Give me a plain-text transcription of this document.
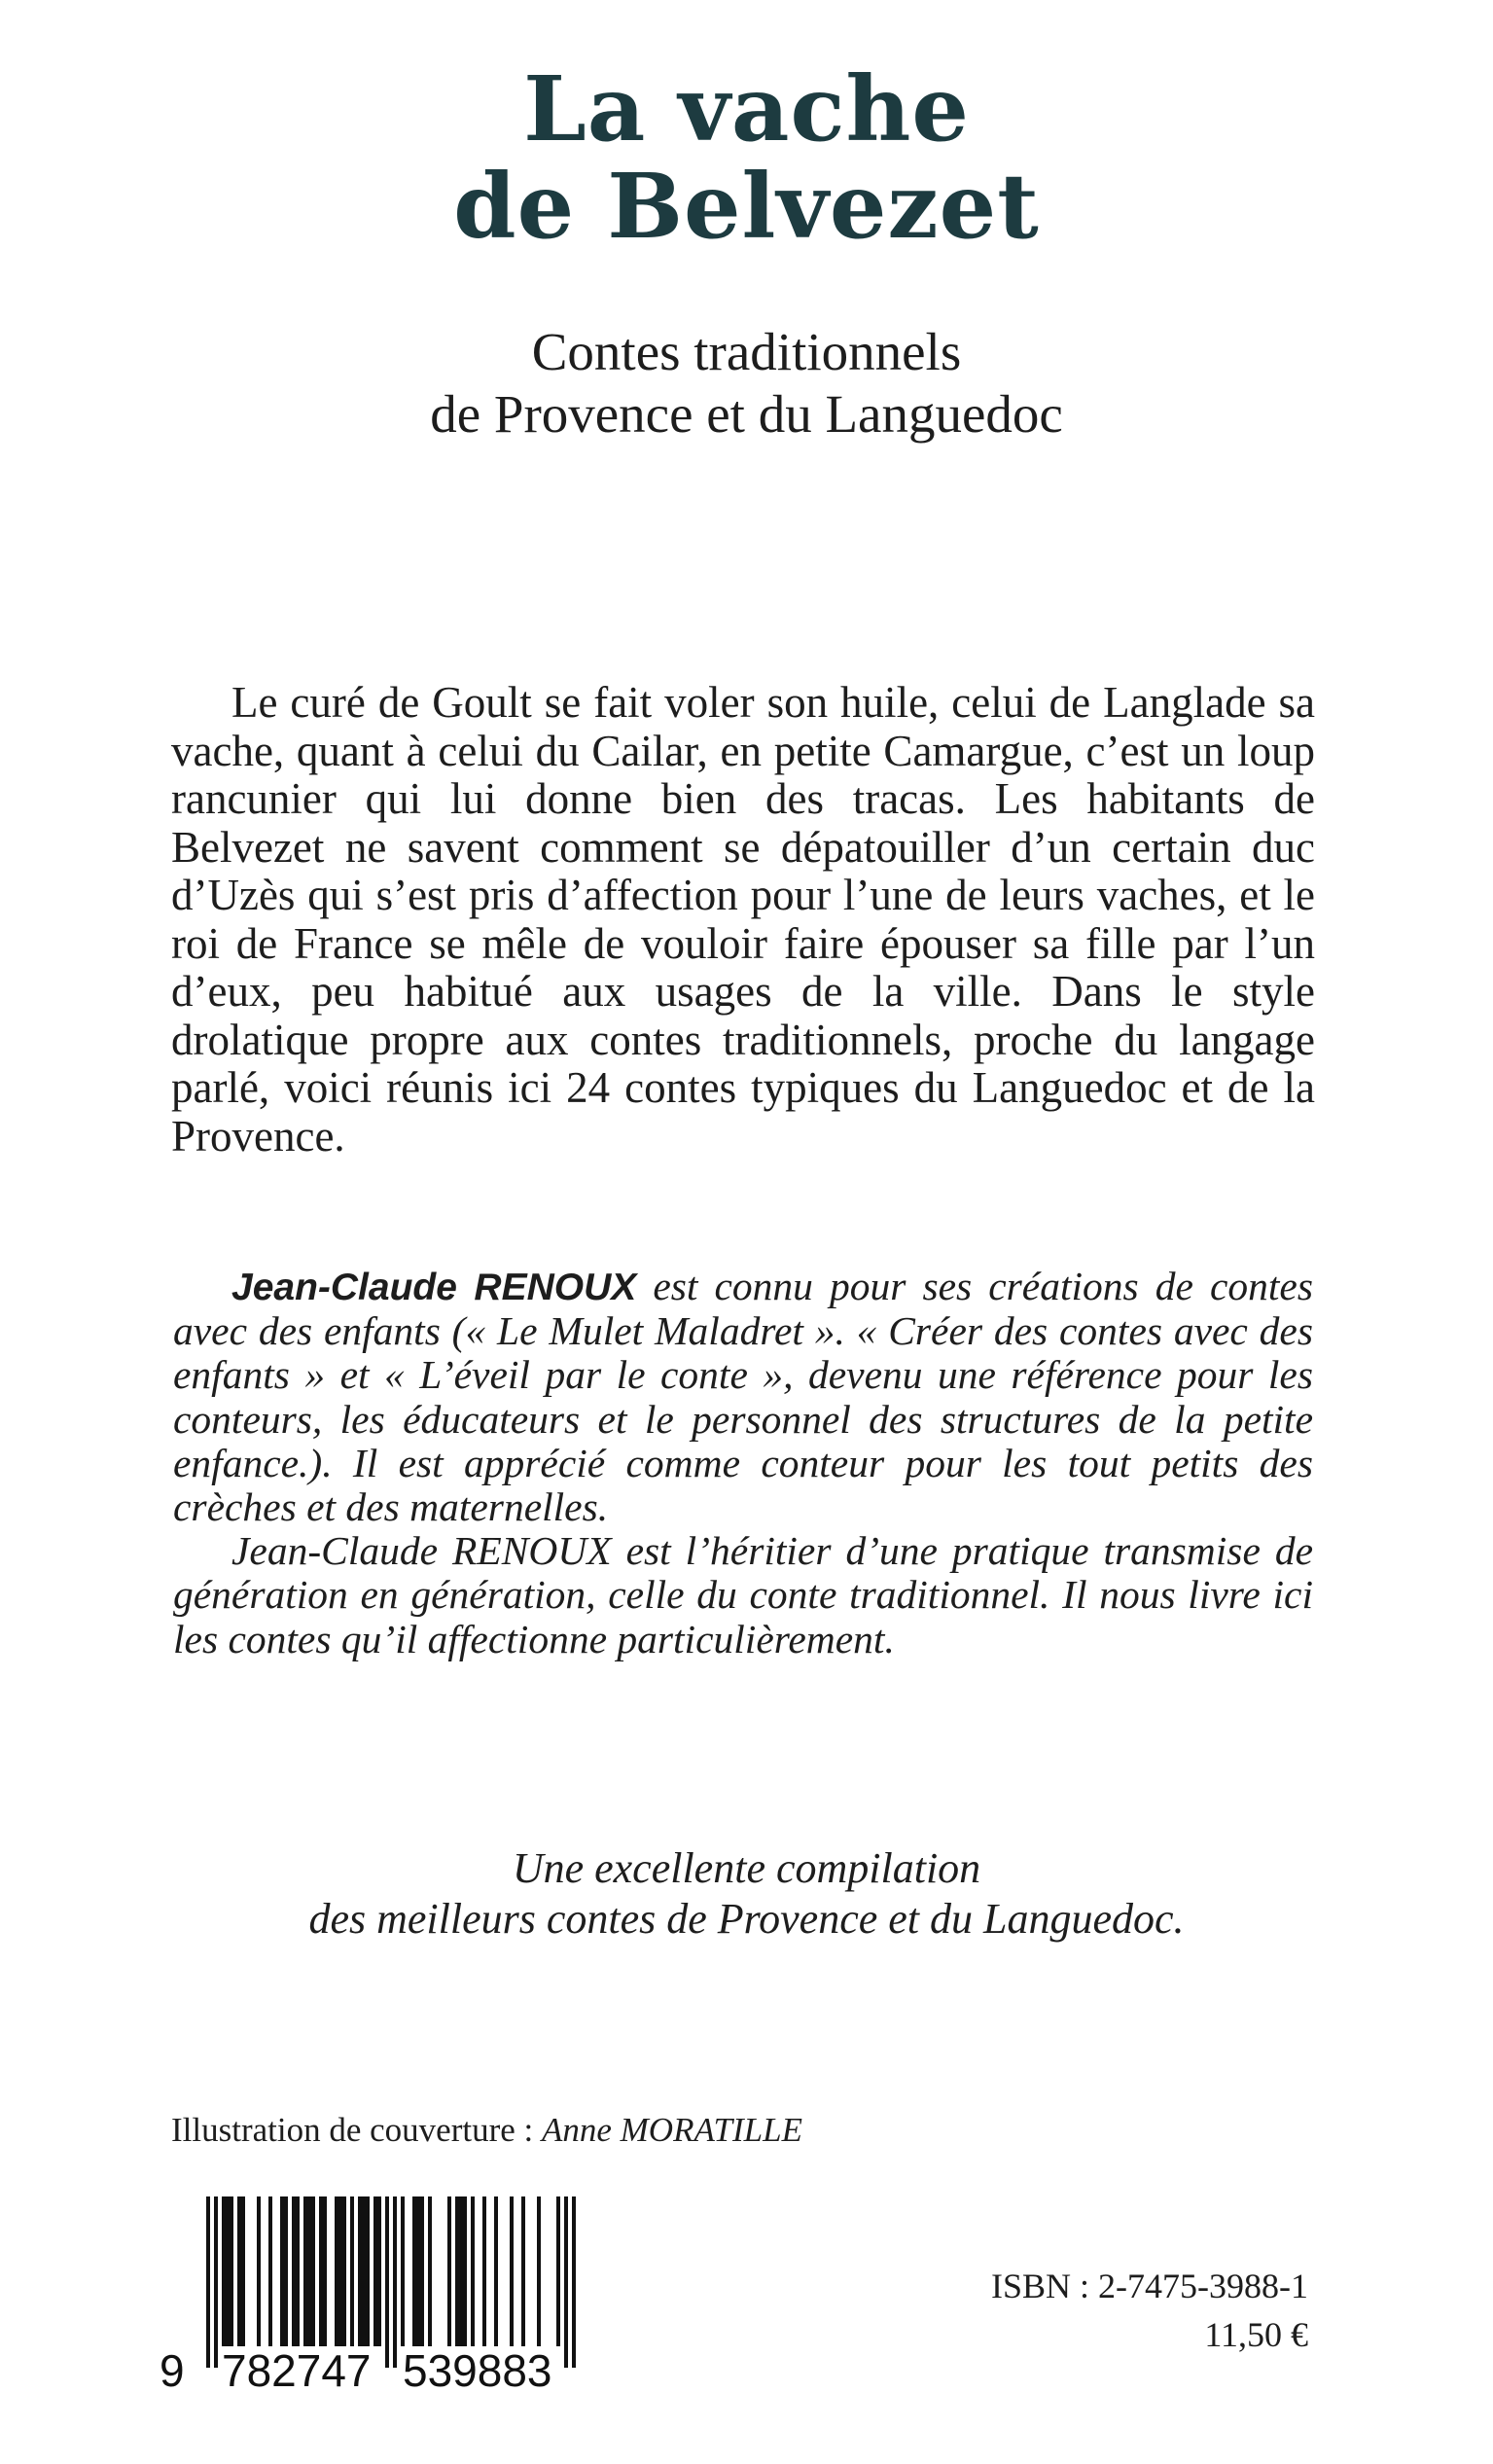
La vache
de Belvezet
Contes traditionnels
de Provence et du Languedoc

Le curé de Goult se fait voler son huile, celui de Langlade sa vache, quant à celui du Cailar, en petite Camargue, c’est un loup rancunier qui lui donne bien des tracas. Les habitants de Belvezet ne savent comment se dépatouiller d’un certain duc d’Uzès qui s’est pris d’affection pour l’une de leurs vaches, et le roi de France se mêle de vouloir faire épouser sa fille par l’un d’eux, peu habitué aux usages de la ville. Dans le style drolatique propre aux contes traditionnels, proche du langage parlé, voici réunis ici 24 contes typiques du Languedoc et de la Provence.

Jean-Claude RENOUX est connu pour ses créations de contes avec des enfants (« Le Mulet Maladret ». « Créer des contes avec des enfants » et « L’éveil par le conte », devenu une référence pour les conteurs, les éducateurs et le personnel des structures de la petite enfance.). Il est apprécié comme conteur pour les tout petits des crèches et des maternelles.

Jean-Claude RENOUX est l’héritier d’une pratique transmise de génération en génération, celle du conte traditionnel. Il nous livre ici les contes qu’il affectionne particulièrement.

Une excellente compilation
des meilleurs contes de Provence et du Languedoc.
Illustration de couverture : Anne MORATILLE
9 782747 539883
ISBN : 2-7475-3988-1
11,50 €
